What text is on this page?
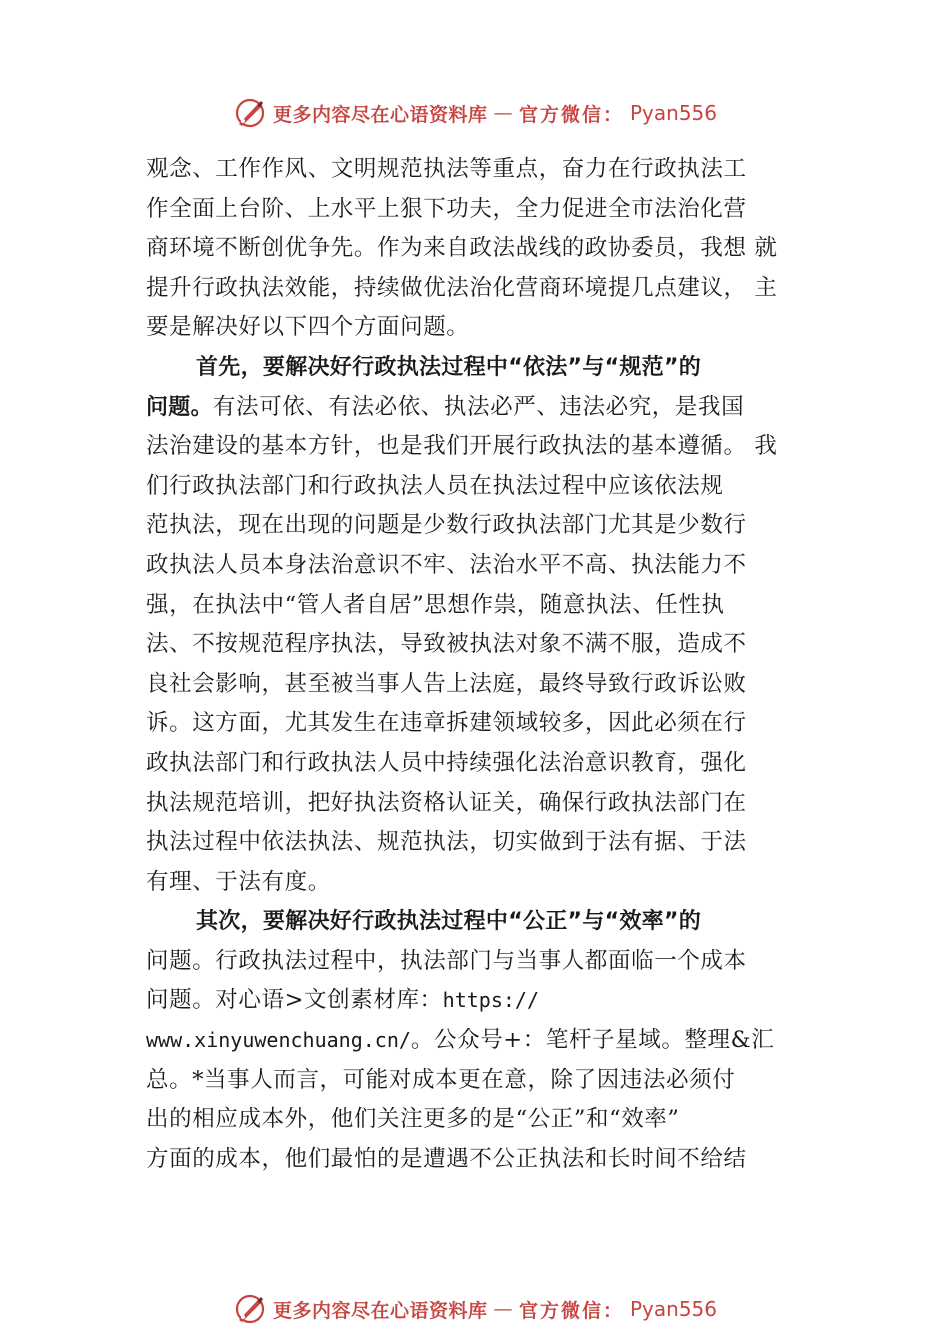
更多内容尽在心语资料库 — 官方微信： Pyan556
观念、工作作风、文明规范执法等重点，奋力在行政执法工
作全面上台阶、上水平上狠下功夫，全力促进全市法治化营
商环境不断创优争先。作为来自政法战线的政协委员，我想 就
提升行政执法效能，持续做优法治化营商环境提几点建议， 主
要是解决好以下四个方面问题。
首先，要解决好行政执法过程中“依法”与“规范”的
问题。有法可依、有法必依、执法必严、违法必究，是我国
法治建设的基本方针，也是我们开展行政执法的基本遵循。 我
们行政执法部门和行政执法人员在执法过程中应该依法规
范执法，现在出现的问题是少数行政执法部门尤其是少数行
政执法人员本身法治意识不牢、法治水平不高、执法能力不
强，在执法中“管人者自居”思想作祟，随意执法、任性执
法、不按规范程序执法，导致被执法对象不满不服，造成不
良社会影响，甚至被当事人告上法庭，最终导致行政诉讼败
诉。这方面，尤其发生在违章拆建领域较多，因此必须在行
政执法部门和行政执法人员中持续强化法治意识教育，强化
执法规范培训，把好执法资格认证关，确保行政执法部门在
执法过程中依法执法、规范执法，切实做到于法有据、于法
有理、于法有度。
其次，要解决好行政执法过程中“公正”与“效率”的
问题。行政执法过程中，执法部门与当事人都面临一个成本
问题。对心语>文创素材库：https://
www.xinyuwenchuang.cn/。公众号+：笔杆子星域。整理&汇
总。*当事人而言，可能对成本更在意，除了因违法必须付
出的相应成本外，他们关注更多的是“公正”和“效率”
方面的成本，他们最怕的是遭遇不公正执法和长时间不给结
更多内容尽在心语资料库 — 官方微信： Pyan556
